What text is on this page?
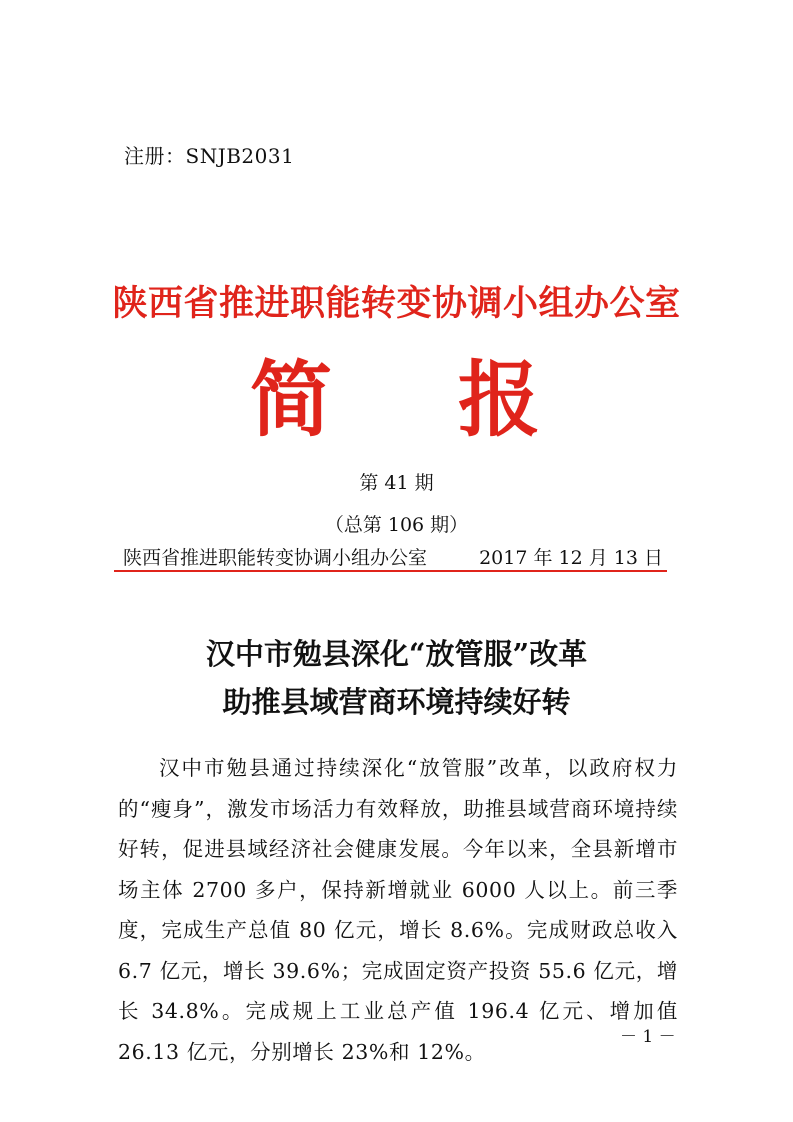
注册：SNJB2031
陕西省推进职能转变协调小组办公室
简 报
第 41 期
（总第 106 期）
陕西省推进职能转变协调小组办公室	2017 年 12 月 13 日
汉中市勉县深化“放管服”改革
助推县域营商环境持续好转

汉中市勉县通过持续深化“放管服”改革，以政府权力的“瘦身”，激发市场活力有效释放，助推县域营商环境持续好转，促进县域经济社会健康发展。今年以来，全县新增市场主体 2700 多户，保持新增就业 6000 人以上。前三季度，完成生产总值 80 亿元，增长 8.6%。完成财政总收入 6.7 亿元，增长 39.6%；完成固定资产投资 55.6 亿元，增长 34.8%。完成规上工业总产值 196.4 亿元、增加值 26.13 亿元，分别增长 23%和 12%。

－ 1 －
